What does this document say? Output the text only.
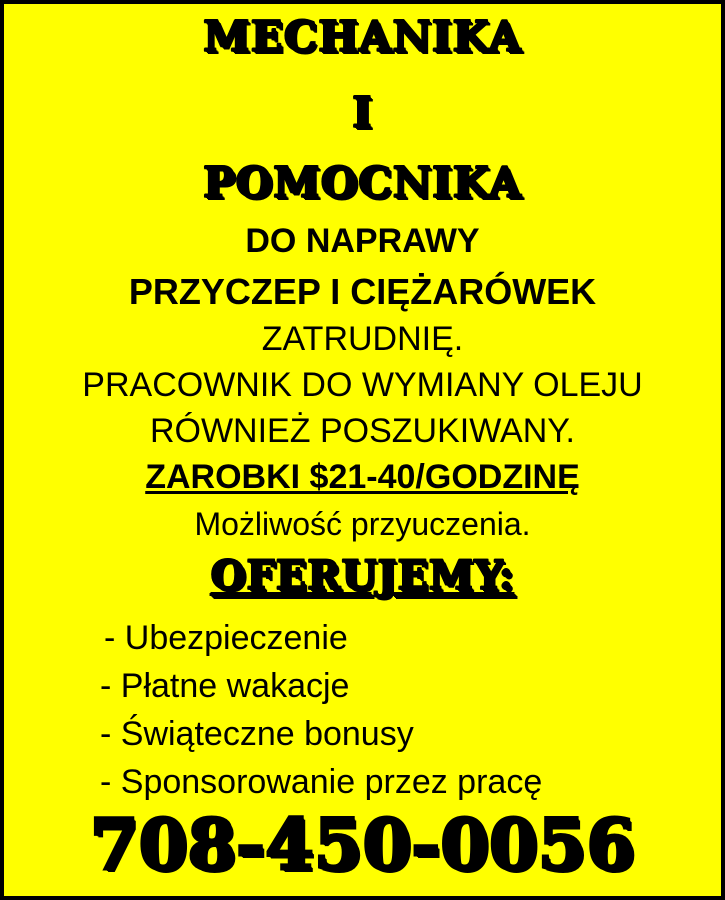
MECHANIKA
I
POMOCNIKA
DO NAPRAWY
PRZYCZEP I CIĘŻARÓWEK
ZATRUDNIĘ.
PRACOWNIK DO WYMIANY OLEJU
RÓWNIEŻ POSZUKIWANY.
ZAROBKI $21-40/GODZINĘ
Możliwość przyuczenia.
OFERUJEMY:
- Ubezpieczenie
- Płatne wakacje
- Świąteczne bonusy
- Sponsorowanie przez pracę
708-450-0056
